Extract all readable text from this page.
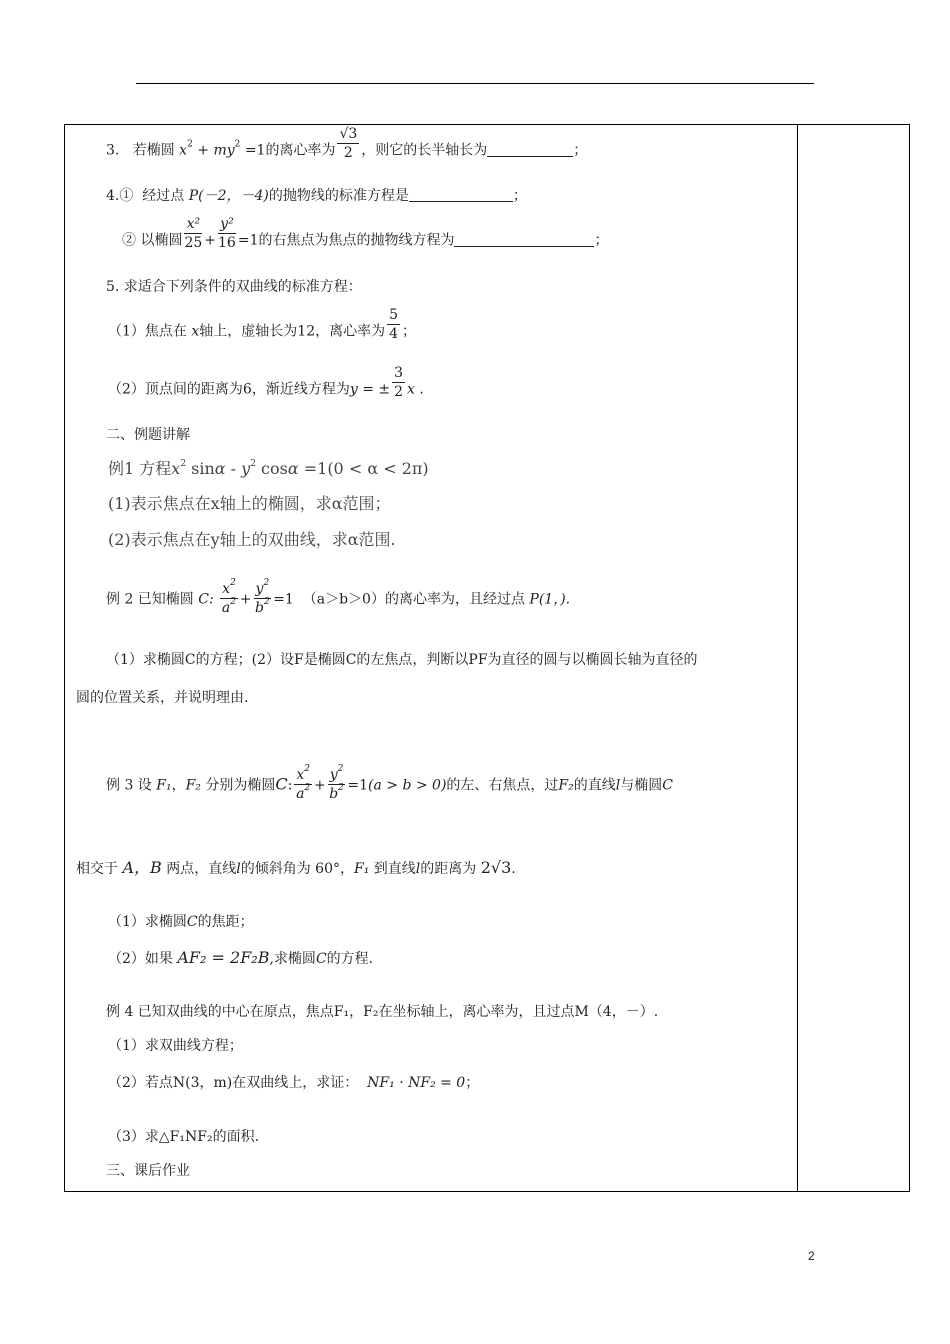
3. 若椭圆 $x^2 + my^2 =1$的离心率为 $\frac{√3}{2}$ ，则它的长半轴长为	；
4.① 经过点 P(－2，－4)的抛物线的标准方程是	；
② 以椭圆 $\frac{\text{x²}}{25} + \frac{\text{y²}}{16} =1$的右焦点为焦点的抛物线方程为	；
5. 求适合下列条件的双曲线的标准方程：
（1）焦点在 x轴上，虚轴长为12，离心率为 $\frac{5}{4}$ ；
（2）顶点间的距离为6，渐近线方程为y = ± $\frac{3}{2}$ x .
二、例题讲解
例1 方程$x^2$ sinα - $y^2$ cosα =1(0 < α < 2π)
(1)表示焦点在x轴上的椭圆，求α范围；
(2)表示焦点在y轴上的双曲线，求α范围.
例 2 已知椭圆 C: $\frac{x^2}{a^2} + \frac{y^2}{b^2} =1$  （a＞b＞0）的离心率为，且经过点 P(1，).
（1）求椭圆C的方程；(2）设F是椭圆C的左焦点，判断以PF为直径的圆与以椭圆长轴为直径的
圆的位置关系，并说明理由.
例 3 设 F₁，F₂ 分别为椭圆C: $\frac{x^2}{a^2} + \frac{y^2}{b^2} =1(a > b > 0)$的左、右焦点，过F₂的直线l与椭圆C
相交于 A，B 两点，直线l的倾斜角为 60°，F₁ 到直线l的距离为 2√3.
（1）求椭圆C的焦距；
（2）如果 AF₂ = 2F₂B,求椭圆C的方程.
例 4 已知双曲线的中心在原点，焦点F₁，F₂在坐标轴上，离心率为，且过点M（4，－）.
（1）求双曲线方程；
（2）若点N(3，m)在双曲线上，求证： NF₁ · NF₂ = 0；
（3）求△F₁NF₂的面积.
三、课后作业
2
